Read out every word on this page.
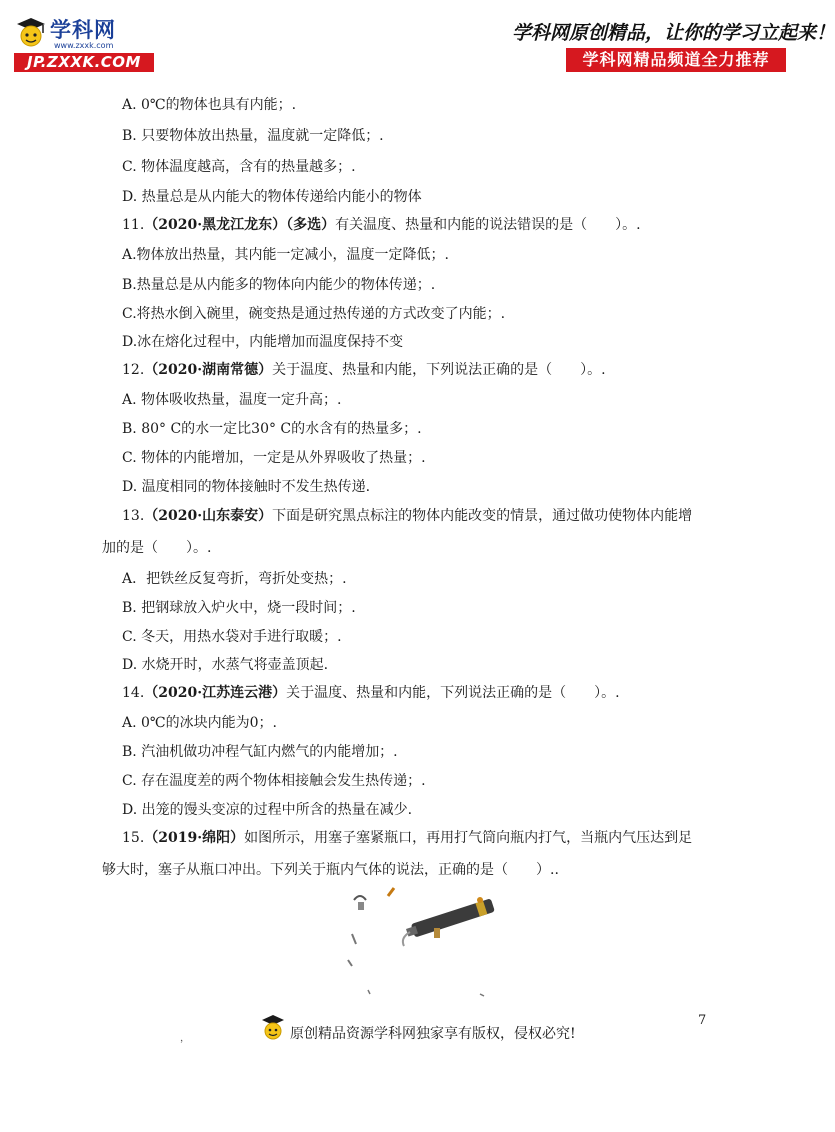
学科网
www.zxxk.com
JP.ZXXK.COM
学科网原创精品，让你的学习立起来！
学科网精品频道全力推荐
A. 0℃的物体也具有内能；.
B. 只要物体放出热量，温度就一定降低；.
C. 物体温度越高，含有的热量越多；.
D. 热量总是从内能大的物体传递给内能小的物体
11.（2020·黑龙江龙东）（多选）有关温度、热量和内能的说法错误的是（　　）。.
A.物体放出热量，其内能一定减小，温度一定降低；.
B.热量总是从内能多的物体向内能少的物体传递；.
C.将热水倒入碗里，碗变热是通过热传递的方式改变了内能；.
D.冰在熔化过程中，内能增加而温度保持不变
12.（2020·湖南常德）关于温度、热量和内能，下列说法正确的是（　　）。.
A. 物体吸收热量，温度一定升高；.
B. 80° C的水一定比30° C的水含有的热量多；.
C. 物体的内能增加，一定是从外界吸收了热量；.
D. 温度相同的物体接触时不发生热传递.
13.（2020·山东泰安）下面是研究黑点标注的物体内能改变的情景，通过做功使物体内能增
加的是（　　）。.
A．把铁丝反复弯折，弯折处变热；.
B. 把钢球放入炉火中，烧一段时间；.
C. 冬天，用热水袋对手进行取暖；.
D. 水烧开时，水蒸气将壶盖顶起.
14.（2020·江苏连云港）关于温度、热量和内能，下列说法正确的是（　　）。.
A. 0℃的冰块内能为0；.
B. 汽油机做功冲程气缸内燃气的内能增加；.
C. 存在温度差的两个物体相接触会发生热传递；.
D. 出笼的馒头变凉的过程中所含的热量在减少.
15.（2019·绵阳）如图所示，用塞子塞紧瓶口，再用打气筒向瓶内打气，当瓶内气压达到足
够大时，塞子从瓶口冲出。下列关于瓶内气体的说法，正确的是（　　）..
7
原创精品资源学科网独家享有版权，侵权必究!
，
